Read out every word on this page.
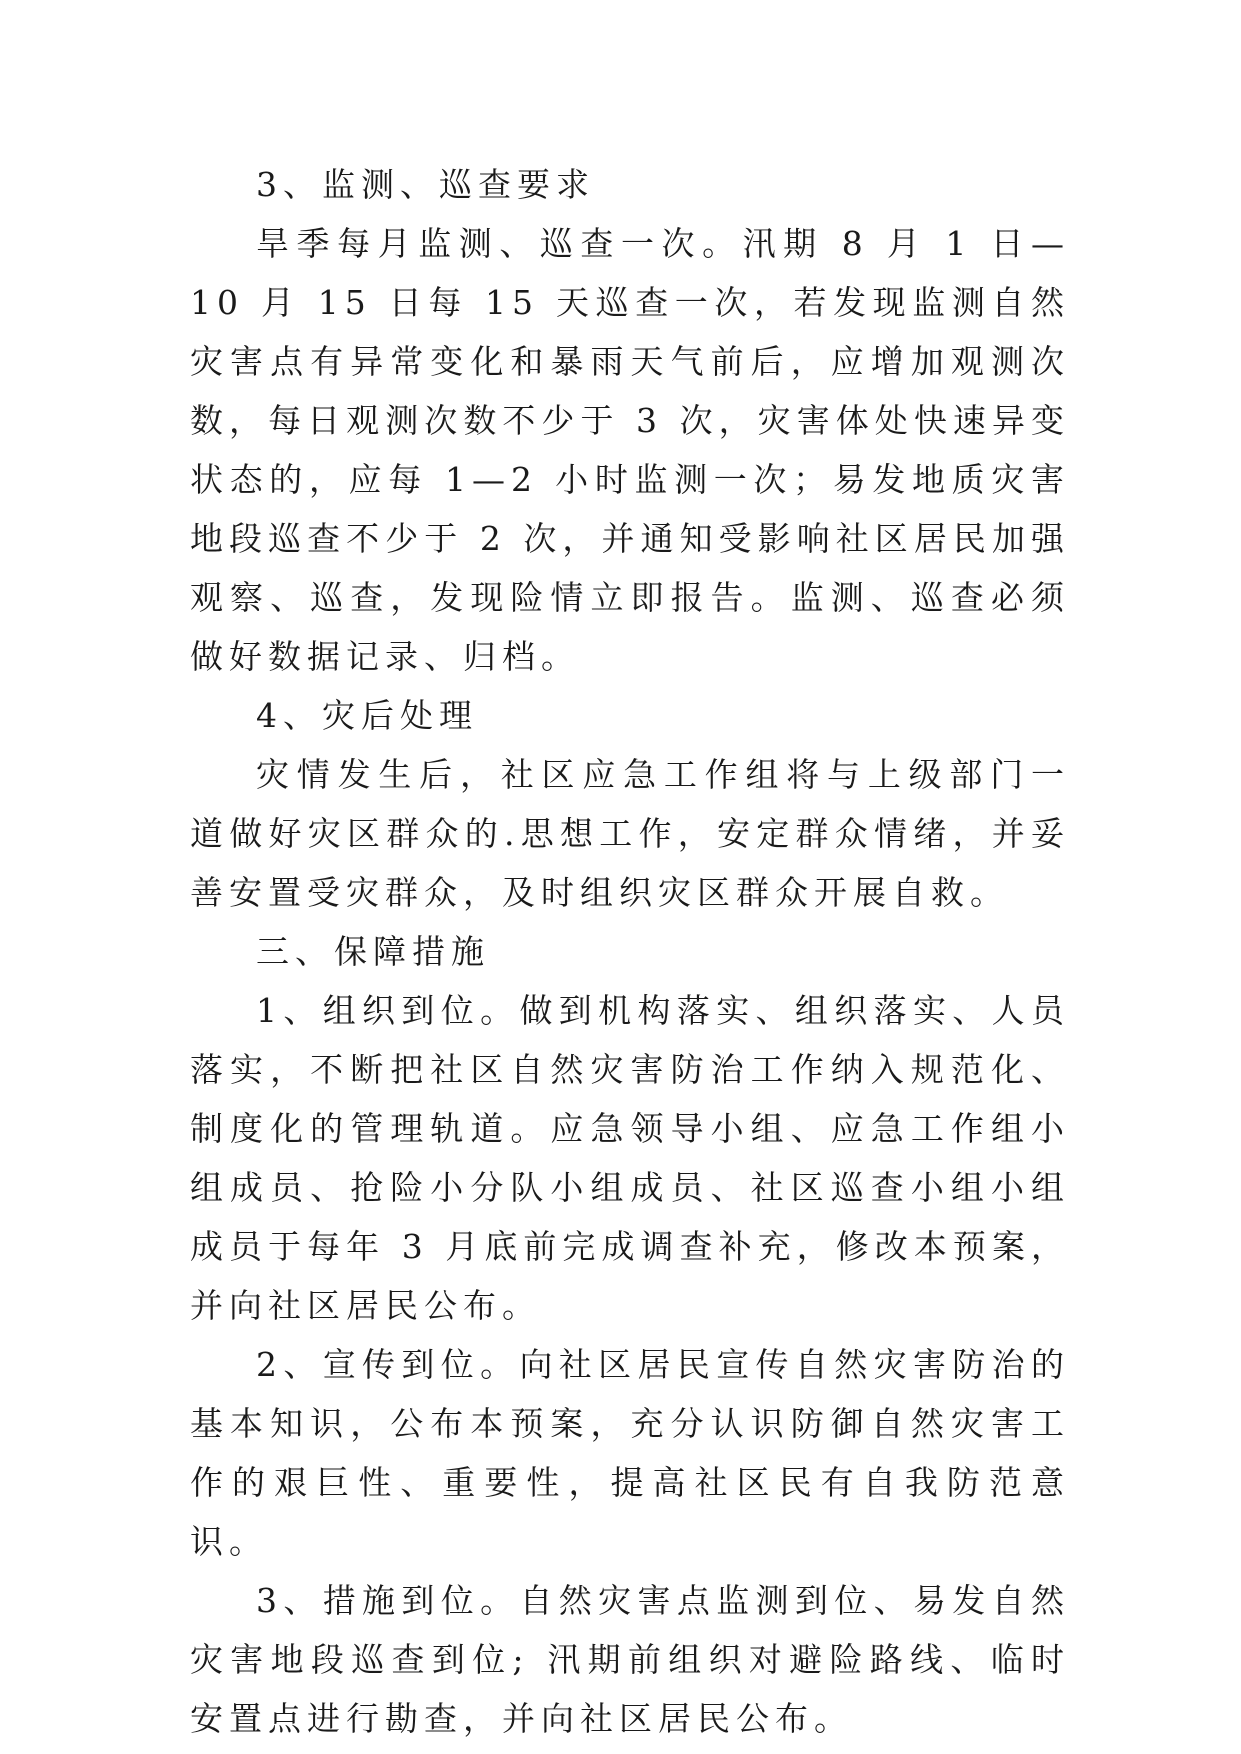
3、监测、巡查要求

旱季每月监测、巡查一次。汛期 8 月 1 日—10 月 15 日每 15 天巡查一次，若发现监测自然灾害点有异常变化和暴雨天气前后，应增加观测次数，每日观测次数不少于 3 次，灾害体处快速异变状态的，应每 1—2 小时监测一次；易发地质灾害地段巡查不少于 2 次，并通知受影响社区居民加强观察、巡查，发现险情立即报告。监测、巡查必须做好数据记录、归档。

4、灾后处理

灾情发生后，社区应急工作组将与上级部门一道做好灾区群众的.思想工作，安定群众情绪，并妥善安置受灾群众，及时组织灾区群众开展自救。

三、保障措施

1、组织到位。做到机构落实、组织落实、人员落实，不断把社区自然灾害防治工作纳入规范化、制度化的管理轨道。应急领导小组、应急工作组小组成员、抢险小分队小组成员、社区巡查小组小组成员于每年 3 月底前完成调查补充，修改本预案，并向社区居民公布。

2、宣传到位。向社区居民宣传自然灾害防治的基本知识，公布本预案，充分认识防御自然灾害工作的艰巨性、重要性，提高社区民有自我防范意识。

3、措施到位。自然灾害点监测到位、易发自然灾害地段巡查到位; 汛期前组织对避险路线、临时安置点进行勘查，并向社区居民公布。
